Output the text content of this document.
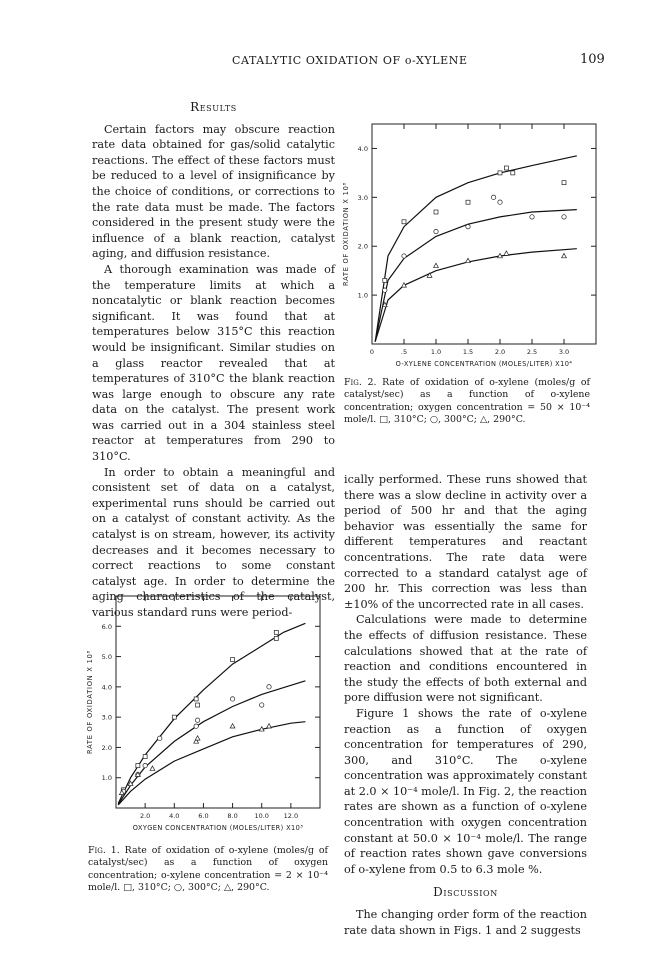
CATALYTIC OXIDATION OF o-XYLENE	109
Results

Certain factors may obscure reaction rate data obtained for gas/solid catalytic reactions. The effect of these factors must be reduced to a level of insignificance by the choice of conditions, or corrections to the rate data must be made. The factors considered in the present study were the influence of a blank reaction, catalyst aging, and diffusion resistance.

A thorough examination was made of the temperature limits at which a noncatalytic or blank reaction becomes significant. It was found that at temperatures below 315°C this reaction would be insignificant. Similar studies on a glass reactor revealed that at temperatures of 310°C the blank reaction was large enough to obscure any rate data on the catalyst. The present work was carried out in a 304 stainless steel reactor at temperatures from 290 to 310°C.

In order to obtain a meaningful and consistent set of data on a catalyst, experimental runs should be carried out on a catalyst of constant activity. As the catalyst is on stream, however, its activity decreases and it becomes necessary to correct reactions to some constant catalyst age. In order to determine the aging characteristics of the catalyst, various standard runs were period-

2.0	4.0	6.0	8.0	10.0 12.0
1.0
2.0
3.0
4.0
5.0
6.0
OXYGEN CONCENTRATION (MOLES/LITER) X10³
RATE OF OXIDATION X 10⁸
Fig. 1. Rate of oxidation of o-xylene (moles/g of catalyst/sec) as a function of oxygen concentration; o-xylene concentration = 2 × 10⁻⁴ mole/l. □, 310°C; ○, 300°C; △, 290°C.
0	.5	1.0	1.5	2.0	2.5	3.0
1.0
2.0
3.0
4.0
O-XYLENE CONCENTRATION (MOLES/LITER) X10⁴
RATE OF OXIDATION X 10⁸
Fig. 2. Rate of oxidation of o-xylene (moles/g of catalyst/sec) as a function of o-xylene concentration; oxygen concentration = 50 × 10⁻⁴ mole/l. □, 310°C; ○, 300°C; △, 290°C.

ically performed. These runs showed that there was a slow decline in activity over a period of 500 hr and that the aging behavior was essentially the same for different temperatures and reactant concentrations. The rate data were corrected to a standard catalyst age of 200 hr. This correction was less than ±10% of the uncorrected rate in all cases.

Calculations were made to determine the effects of diffusion resistance. These calculations showed that at the rate of reaction and conditions encountered in the study the effects of both external and pore diffusion were not significant.

Figure 1 shows the rate of o-xylene reaction as a function of oxygen concentration for temperatures of 290, 300, and 310°C. The o-xylene concentration was approximately constant at 2.0 × 10⁻⁴ mole/l. In Fig. 2, the reaction rates are shown as a function of o-xylene concentration with oxygen concentration constant at 50.0 × 10⁻⁴ mole/l. The range of reaction rates shown gave conversions of o-xylene from 0.5 to 6.3 mole %.

Discussion

The changing order form of the reaction rate data shown in Figs. 1 and 2 suggests
